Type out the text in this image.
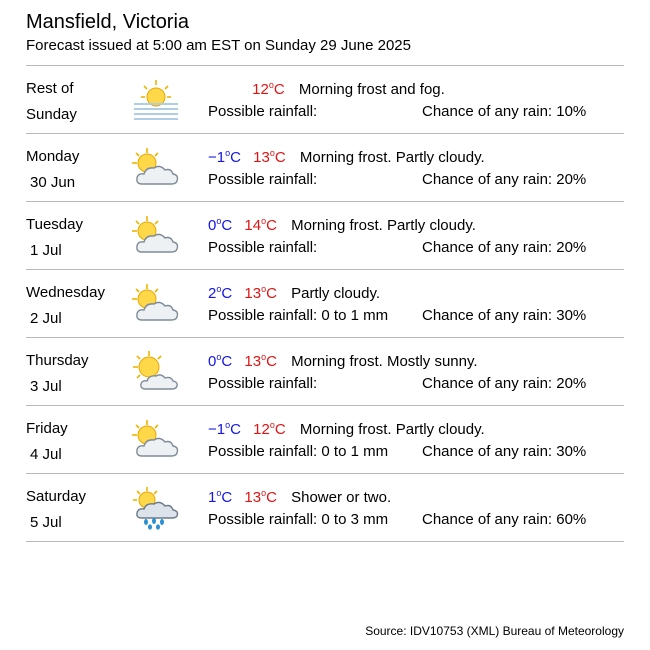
Mansfield, Victoria
Forecast issued at 5:00 am EST on Sunday 29 June 2025
Rest of
Sunday
12$^o$C Morning frost and fog.
Possible rainfall:	Chance of any rain: 10%
Monday
30 Jun
$-1^oC$ 13$^o$C Morning frost. Partly cloudy.
Possible rainfall:	Chance of any rain: 20%
Tuesday
1 Jul
0$^o$C 14$^o$C Morning frost. Partly cloudy.
Possible rainfall:	Chance of any rain: 20%
Wednesday
2 Jul
2$^o$C 13$^o$C Partly cloudy.
Possible rainfall: 0 to 1 mm Chance of any rain: 30%
Thursday
3 Jul
0$^o$C 13$^o$C Morning frost. Mostly sunny.
Possible rainfall:	Chance of any rain: 20%
Friday
4 Jul
$-1^oC$ 12$^o$C Morning frost. Partly cloudy.
Possible rainfall: 0 to 1 mm Chance of any rain: 30%
Saturday
5 Jul
1$^o$C 13$^o$C Shower or two.
Possible rainfall: 0 to 3 mm Chance of any rain: 60%
Source: IDV10753 (XML) Bureau of Meteorology
